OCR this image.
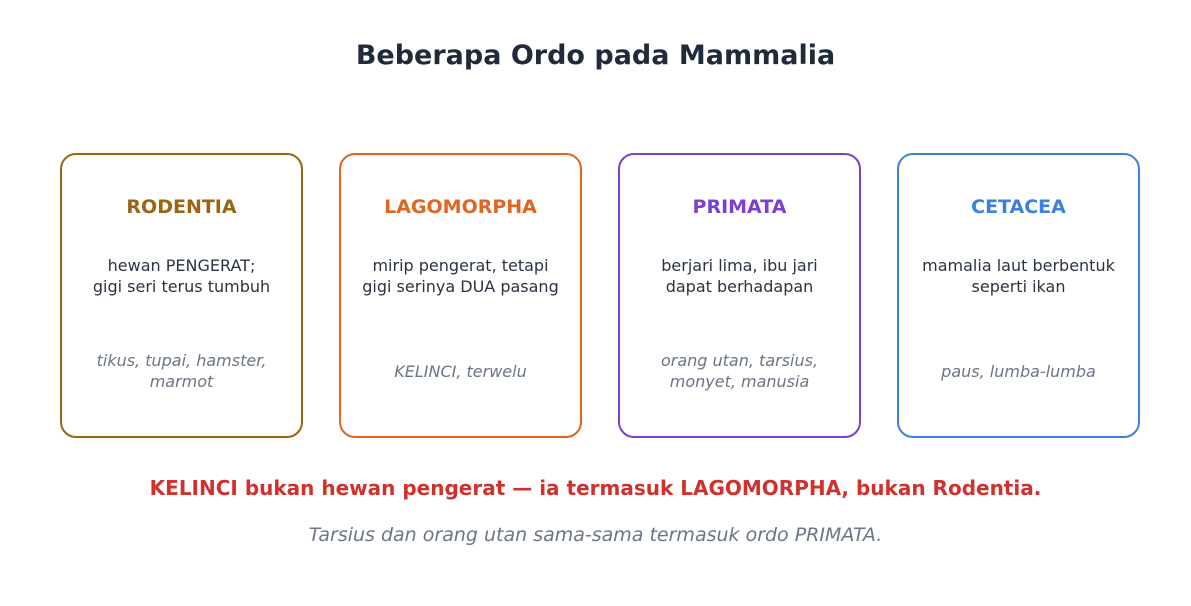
Beberapa Ordo pada Mammalia
RODENTIA
hewan PENGERAT;
gigi seri terus tumbuh
tikus, tupai, hamster,
marmot
LAGOMORPHA
mirip pengerat, tetapi
gigi serinya DUA pasang
KELINCI, terwelu
PRIMATA
berjari lima, ibu jari
dapat berhadapan
orang utan, tarsius,
monyet, manusia
CETACEA
mamalia laut berbentuk
seperti ikan
paus, lumba-lumba
KELINCI bukan hewan pengerat — ia termasuk LAGOMORPHA, bukan Rodentia.
Tarsius dan orang utan sama-sama termasuk ordo PRIMATA.
